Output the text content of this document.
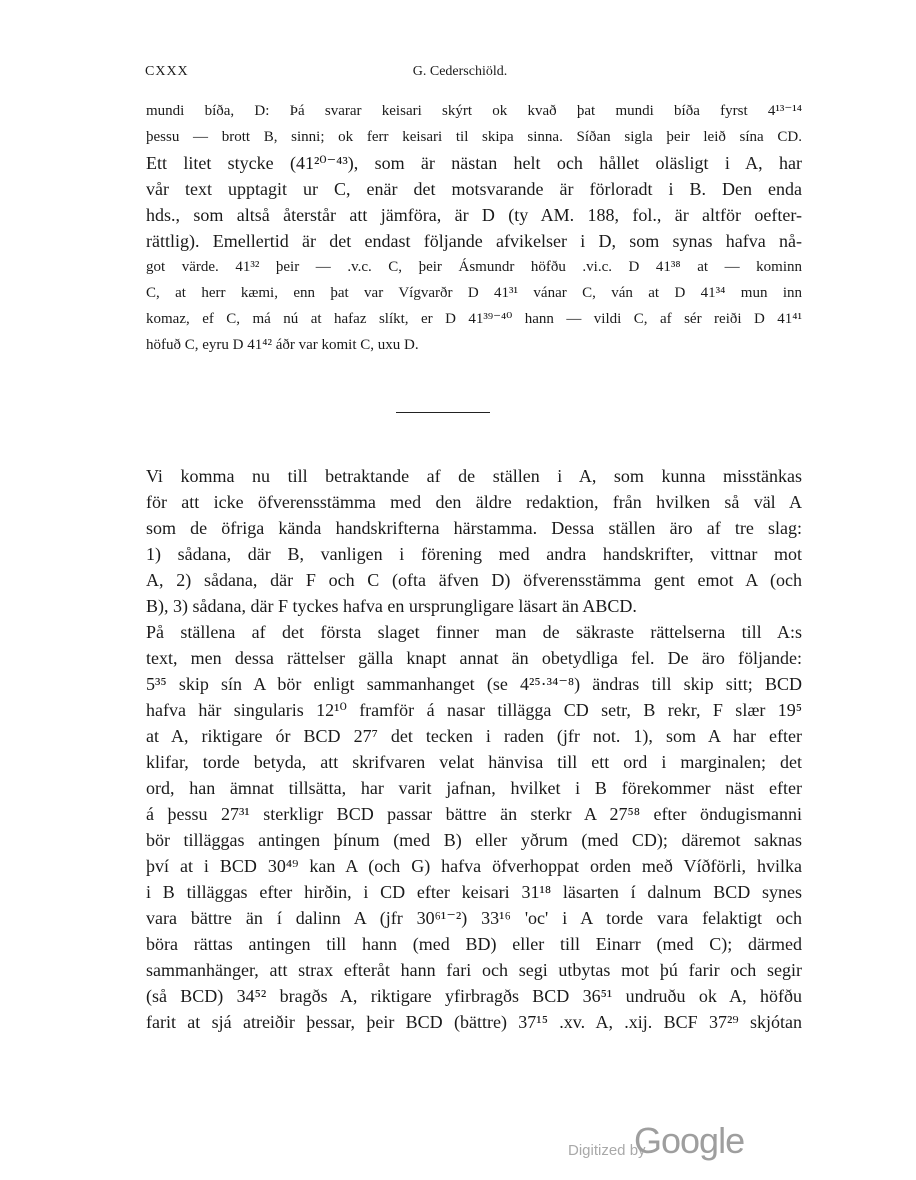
CXXX	G. Cederschiöld.
mundi bíða, D: Þá svarar keisari skýrt ok kvað þat mundi bíða fyrst 4¹³⁻¹⁴
þessu — brott B, sinni; ok ferr keisari til skipa sinna. Síðan sigla þeir leið sína CD.
Ett litet stycke (41²⁰⁻⁴³), som är nästan helt och hållet oläsligt i A, har
vår text upptagit ur C, enär det motsvarande är förloradt i B. Den enda
hds., som altså återstår att jämföra, är D (ty AM. 188, fol., är altför oefter-
rättlig). Emellertid är det endast följande afvikelser i D, som synas hafva nå-
got värde. 41³² þeir — .v.c. C, þeir Ásmundr höfðu .vi.c. D 41³⁸ at — kominn
C, at herr kæmi, enn þat var Vígvarðr D 41³¹ vánar C, ván at D 41³⁴ mun inn
komaz, ef C, má nú at hafaz slíkt, er D 41³⁹⁻⁴⁰ hann — vildi C, af sér reiði D 41⁴¹
höfuð C, eyru D 41⁴² áðr var komit C, uxu D.
Vi komma nu till betraktande af de ställen i A, som kunna misstänkas
för att icke öfverensstämma med den äldre redaktion, från hvilken så väl A
som de öfriga kända handskrifterna härstamma. Dessa ställen äro af tre slag:
1) sådana, där B, vanligen i förening med andra handskrifter, vittnar mot
A, 2) sådana, där F och C (ofta äfven D) öfverensstämma gent emot A (och
B), 3) sådana, där F tyckes hafva en ursprungligare läsart än ABCD.
På ställena af det första slaget finner man de säkraste rättelserna till A:s
text, men dessa rättelser gälla knapt annat än obetydliga fel. De äro följande:
5³⁵ skip sín A bör enligt sammanhanget (se 4²⁵·³⁴⁻⁸) ändras till skip sitt; BCD
hafva här singularis 12¹⁰ framför á nasar tillägga CD setr, B rekr, F slær 19⁵
at A, riktigare ór BCD 27⁷ det tecken i raden (jfr not. 1), som A har efter
klifar, torde betyda, att skrifvaren velat hänvisa till ett ord i marginalen; det
ord, han ämnat tillsätta, har varit jafnan, hvilket i B förekommer näst efter
á þessu 27³¹ sterkligr BCD passar bättre än sterkr A 27⁵⁸ efter öndugismanni
bör tilläggas antingen þínum (med B) eller yðrum (med CD); däremot saknas
því at i BCD 30⁴⁹ kan A (och G) hafva öfverhoppat orden með Víðförli, hvilka
i B tilläggas efter hirðin, i CD efter keisari 31¹⁸ läsarten í dalnum BCD synes
vara bättre än í dalinn A (jfr 30⁶¹⁻²) 33¹⁶ 'oc' i A torde vara felaktigt och
böra rättas antingen till hann (med BD) eller till Einarr (med C); därmed
sammanhänger, att strax efteråt hann fari och segi utbytas mot þú farir och segir
(så BCD) 34⁵² bragðs A, riktigare yfirbragðs BCD 36⁵¹ undruðu ok A, höfðu
farit at sjá atreiðir þessar, þeir BCD (bättre) 37¹⁵ .xv. A, .xij. BCF 37²⁹ skjótan
Digitized by
Google
